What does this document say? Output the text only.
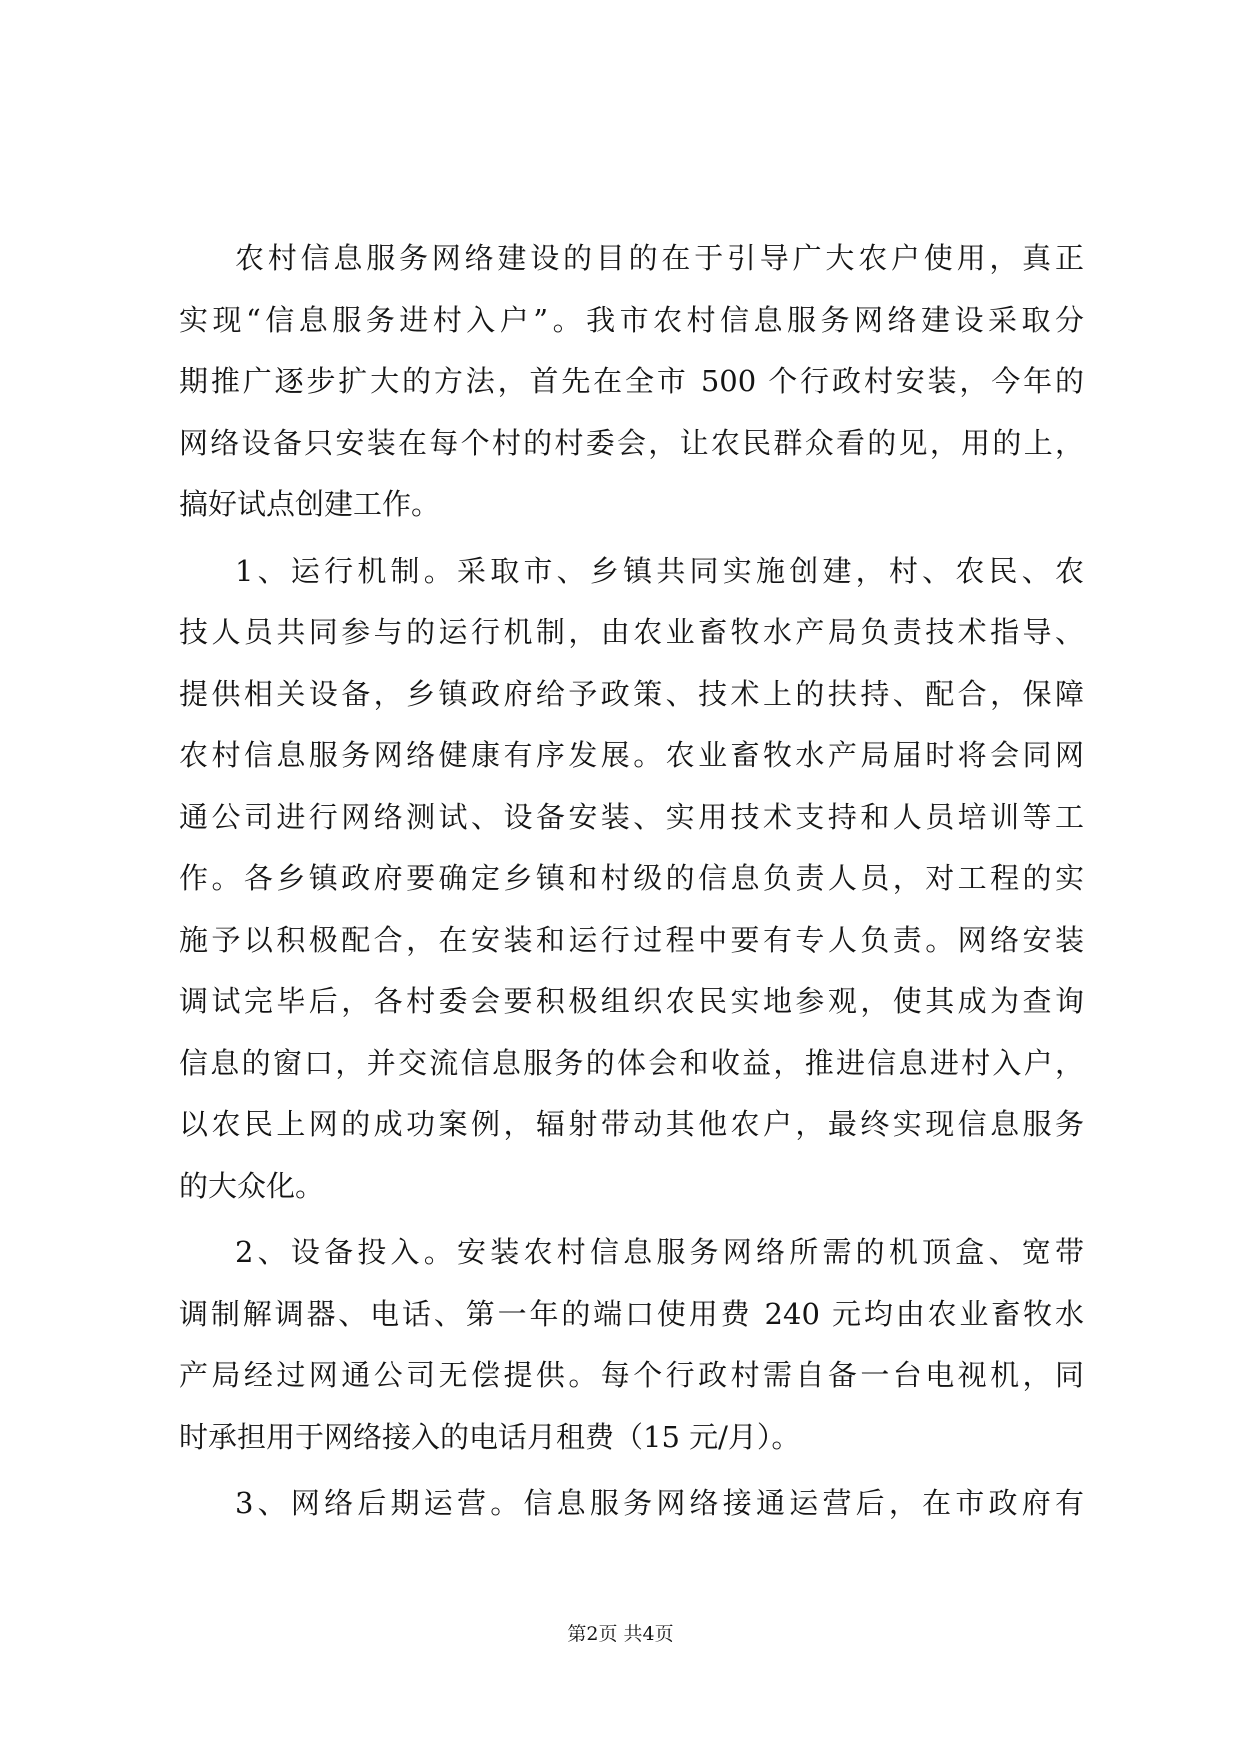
农村信息服务网络建设的目的在于引导广大农户使用，真正
实现“信息服务进村入户”。我市农村信息服务网络建设采取分
期推广逐步扩大的方法，首先在全市 500 个行政村安装，今年的
网络设备只安装在每个村的村委会，让农民群众看的见，用的上，
搞好试点创建工作。
1、运行机制。采取市、乡镇共同实施创建，村、农民、农
技人员共同参与的运行机制，由农业畜牧水产局负责技术指导、
提供相关设备，乡镇政府给予政策、技术上的扶持、配合，保障
农村信息服务网络健康有序发展。农业畜牧水产局届时将会同网
通公司进行网络测试、设备安装、实用技术支持和人员培训等工
作。各乡镇政府要确定乡镇和村级的信息负责人员，对工程的实
施予以积极配合，在安装和运行过程中要有专人负责。网络安装
调试完毕后，各村委会要积极组织农民实地参观，使其成为查询
信息的窗口，并交流信息服务的体会和收益，推进信息进村入户，
以农民上网的成功案例，辐射带动其他农户，最终实现信息服务
的大众化。
2、设备投入。安装农村信息服务网络所需的机顶盒、宽带
调制解调器、电话、第一年的端口使用费 240 元均由农业畜牧水
产局经过网通公司无偿提供。每个行政村需自备一台电视机，同
时承担用于网络接入的电话月租费（15 元/月）。
3、网络后期运营。信息服务网络接通运营后，在市政府有
第2页 共4页
